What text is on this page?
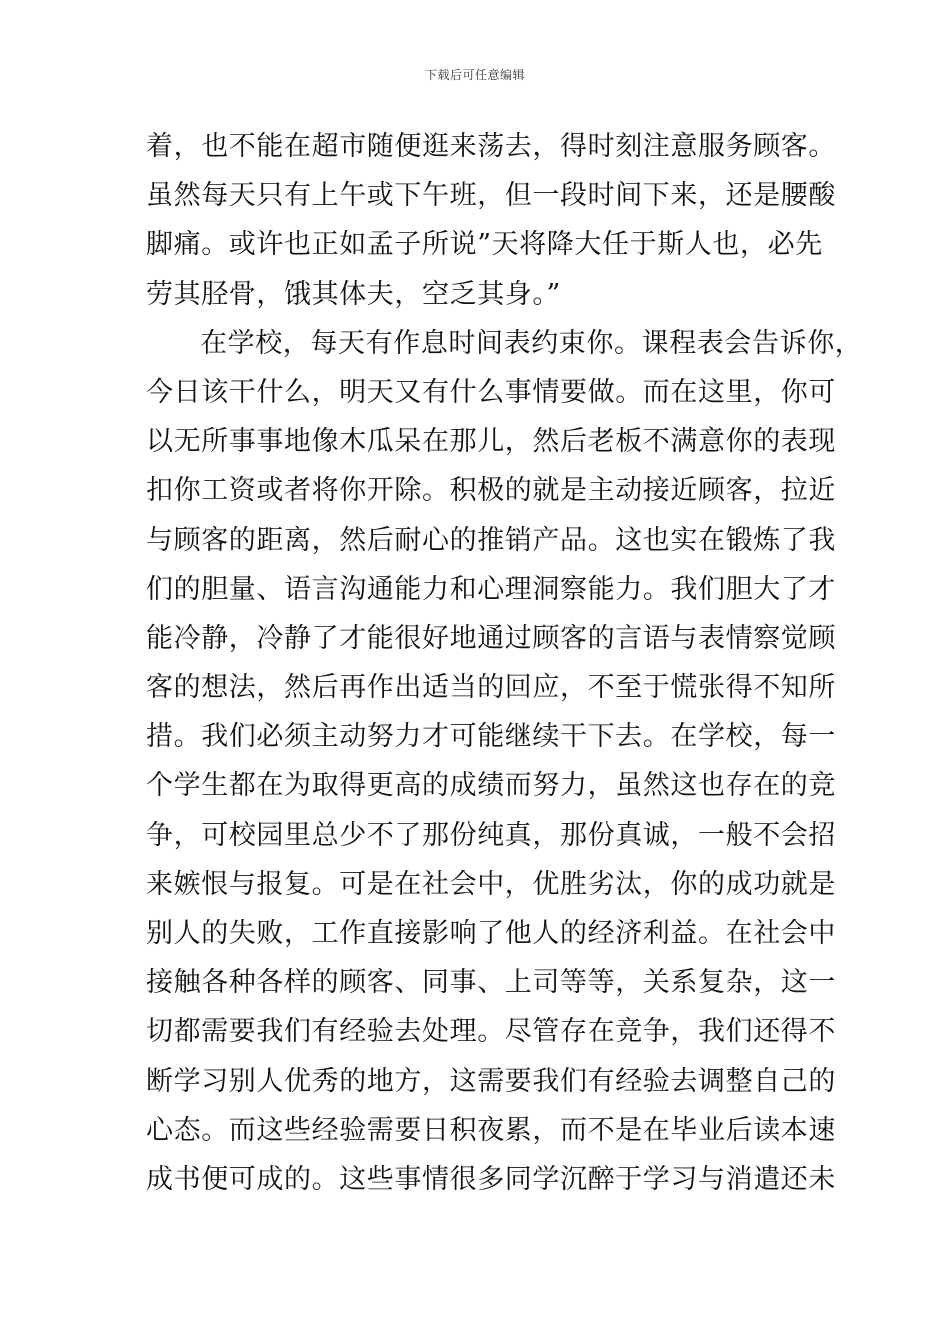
下载后可任意编辑
着，也不能在超市随便逛来荡去，得时刻注意服务顾客。
虽然每天只有上午或下午班，但一段时间下来，还是腰酸
脚痛。或许也正如孟子所说”天将降大任于斯人也，必先
劳其胫骨，饿其体夫，空乏其身。”
在学校，每天有作息时间表约束你。课程表会告诉你，
今日该干什么，明天又有什么事情要做。而在这里，你可
以无所事事地像木瓜呆在那儿，然后老板不满意你的表现
扣你工资或者将你开除。积极的就是主动接近顾客，拉近
与顾客的距离，然后耐心的推销产品。这也实在锻炼了我
们的胆量、语言沟通能力和心理洞察能力。我们胆大了才
能冷静，冷静了才能很好地通过顾客的言语与表情察觉顾
客的想法，然后再作出适当的回应，不至于慌张得不知所
措。我们必须主动努力才可能继续干下去。在学校，每一
个学生都在为取得更高的成绩而努力，虽然这也存在的竞
争，可校园里总少不了那份纯真，那份真诚，一般不会招
来嫉恨与报复。可是在社会中，优胜劣汰，你的成功就是
别人的失败，工作直接影响了他人的经济利益。在社会中
接触各种各样的顾客、同事、上司等等，关系复杂，这一
切都需要我们有经验去处理。尽管存在竞争，我们还得不
断学习别人优秀的地方，这需要我们有经验去调整自己的
心态。而这些经验需要日积夜累，而不是在毕业后读本速
成书便可成的。这些事情很多同学沉醉于学习与消遣还未
